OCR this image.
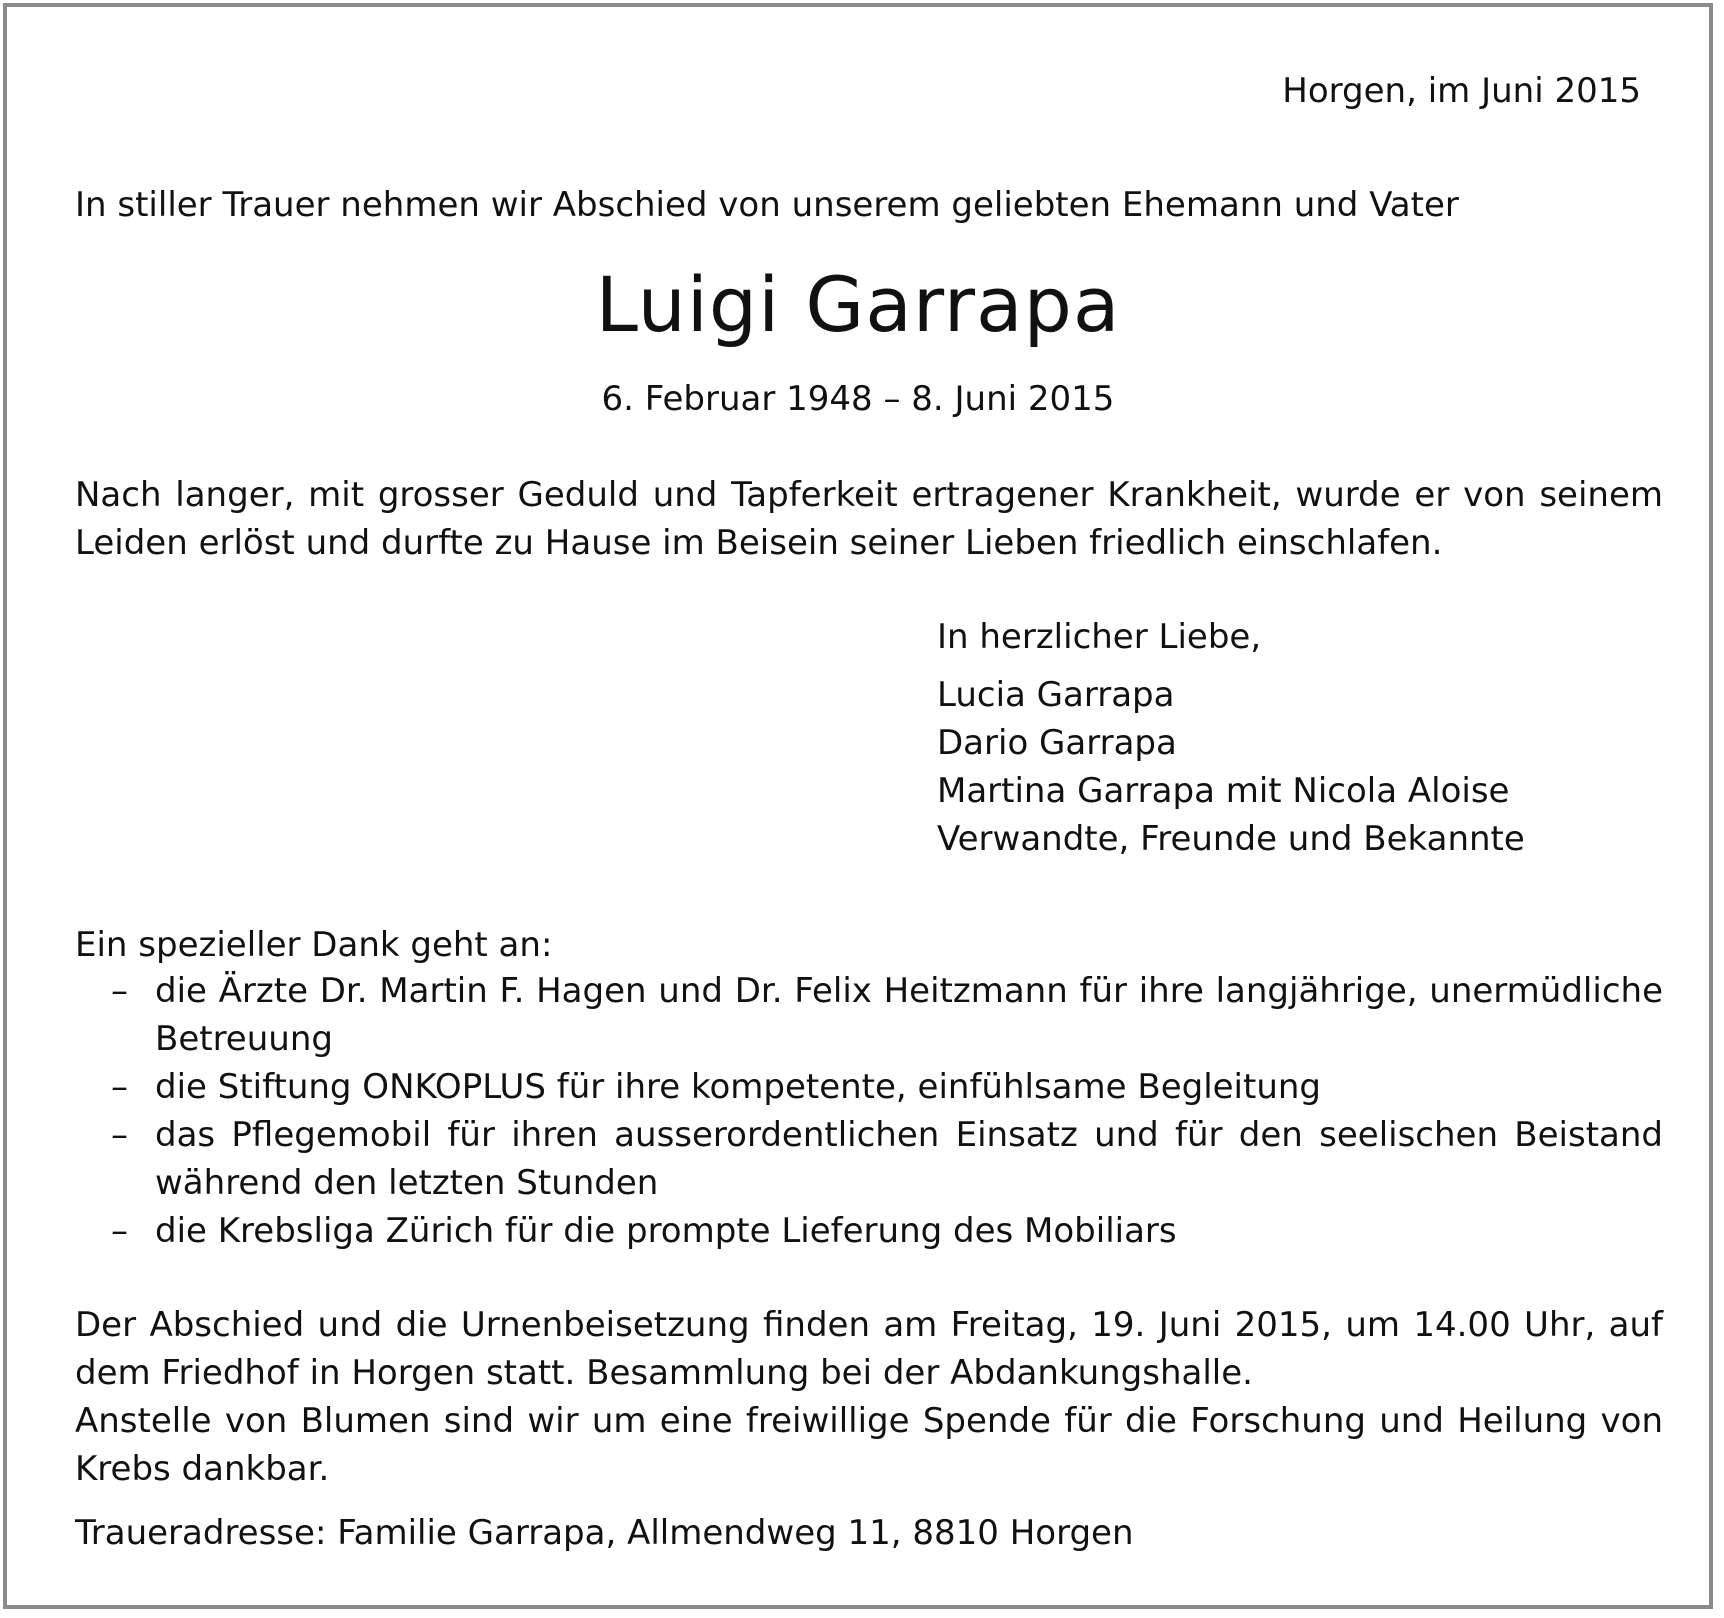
Horgen, im Juni 2015

In stiller Trauer nehmen wir Abschied von unserem geliebten Ehemann und Vater

Luigi Garrapa

6. Februar 1948 – 8. Juni 2015

Nach langer, mit grosser Geduld und Tapferkeit ertragener Krankheit, wurde er von seinem Leiden erlöst und durfte zu Hause im Beisein seiner Lieben friedlich einschlafen.

In herzlicher Liebe,

Lucia Garrapa

Dario Garrapa

Martina Garrapa mit Nicola Aloise

Verwandte, Freunde und Bekannte

Ein spezieller Dank geht an:

– die Ärzte Dr. Martin F. Hagen und Dr. Felix Heitzmann für ihre langjährige, unermüdliche Betreuung
– die Stiftung ONKOPLUS für ihre kompetente, einfühlsame Begleitung
– das Pflegemobil für ihren ausserordentlichen Einsatz und für den seelischen Beistand während den letzten Stunden
– die Krebsliga Zürich für die prompte Lieferung des Mobiliars

Der Abschied und die Urnenbeisetzung finden am Freitag, 19. Juni 2015, um 14.00 Uhr, auf dem Friedhof in Horgen statt. Besammlung bei der Abdankungshalle.

Anstelle von Blumen sind wir um eine freiwillige Spende für die Forschung und Heilung von Krebs dankbar.

Traueradresse: Familie Garrapa, Allmendweg 11, 8810 Horgen
